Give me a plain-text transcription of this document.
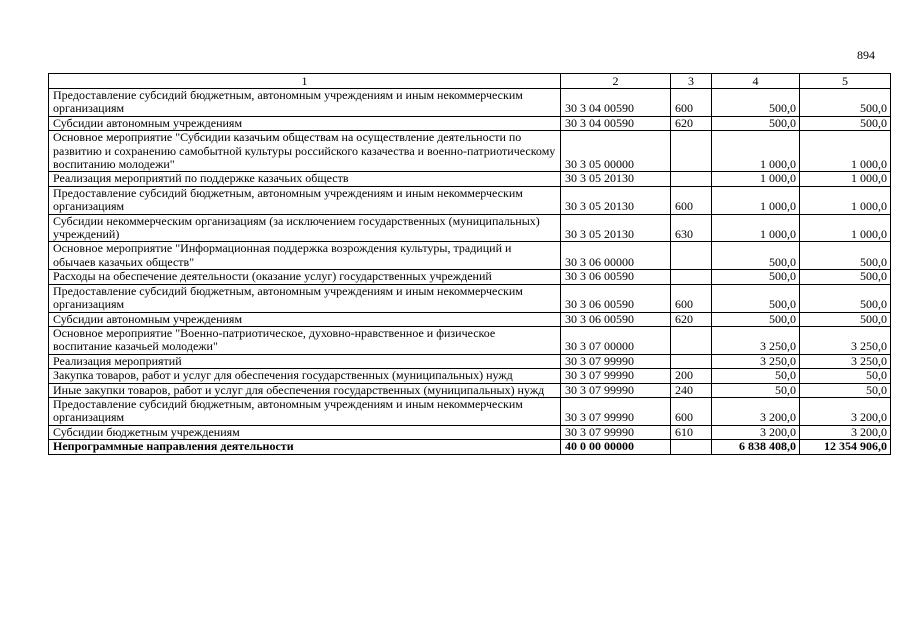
894
1	2	3	4	5
Предоставление субсидий бюджетным, автономным учреждениям и иным некоммерческим организациям	30 3 04 00590	600	500,0	500,0
Субсидии автономным учреждениям	30 3 04 00590	620	500,0	500,0
Основное мероприятие "Субсидии казачьим обществам на осуществление деятельности по развитию и сохранению самобытной культуры российского казачества и военно-патриотическому воспитанию молодежи"	30 3 05 00000		1 000,0	1 000,0
Реализация мероприятий по поддержке казачьих обществ	30 3 05 20130		1 000,0	1 000,0
Предоставление субсидий бюджетным, автономным учреждениям и иным некоммерческим организациям	30 3 05 20130	600	1 000,0	1 000,0
Субсидии некоммерческим организациям (за исключением государственных (муниципальных) учреждений)	30 3 05 20130	630	1 000,0	1 000,0
Основное мероприятие "Информационная поддержка возрождения культуры, традиций и обычаев казачьих обществ"	30 3 06 00000		500,0	500,0
Расходы на обеспечение деятельности (оказание услуг) государственных учреждений	30 3 06 00590		500,0	500,0
Предоставление субсидий бюджетным, автономным учреждениям и иным некоммерческим организациям	30 3 06 00590	600	500,0	500,0
Субсидии автономным учреждениям	30 3 06 00590	620	500,0	500,0
Основное мероприятие "Военно-патриотическое, духовно-нравственное и физическое воспитание казачьей молодежи"	30 3 07 00000		3 250,0	3 250,0
Реализация мероприятий	30 3 07 99990		3 250,0	3 250,0
Закупка товаров, работ и услуг для обеспечения государственных (муниципальных) нужд	30 3 07 99990	200	50,0	50,0
Иные закупки товаров, работ и услуг для обеспечения государственных (муниципальных) нужд	30 3 07 99990	240	50,0	50,0
Предоставление субсидий бюджетным, автономным учреждениям и иным некоммерческим организациям	30 3 07 99990	600	3 200,0	3 200,0
Субсидии бюджетным учреждениям	30 3 07 99990	610	3 200,0	3 200,0
Непрограммные направления деятельности	40 0 00 00000		6 838 408,0	12 354 906,0
